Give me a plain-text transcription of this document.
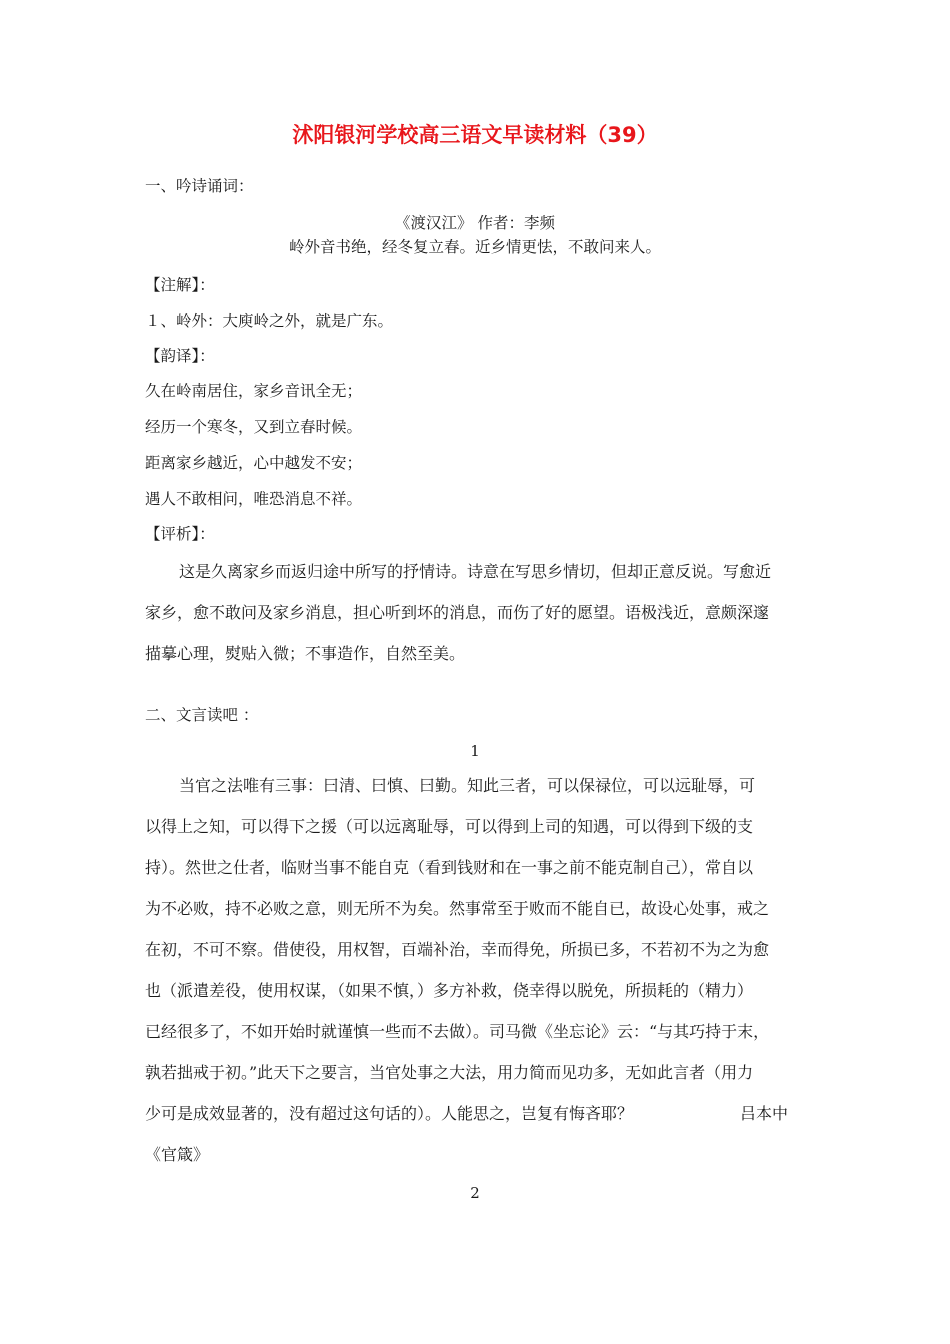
沭阳银河学校高三语文早读材料（39）
一、吟诗诵词：
《渡汉江》 作者：李频
岭外音书绝，经冬复立春。近乡情更怯，不敢问来人。
【注解】：
１、岭外：大庾岭之外，就是广东。
【韵译】：
久在岭南居住，家乡音讯全无；
经历一个寒冬，又到立春时候。
距离家乡越近，心中越发不安；
遇人不敢相问，唯恐消息不祥。
【评析】：
这是久离家乡而返归途中所写的抒情诗。诗意在写思乡情切，但却正意反说。写愈近
家乡，愈不敢问及家乡消息，担心听到坏的消息，而伤了好的愿望。语极浅近，意颇深邃
描摹心理，熨贴入微；不事造作，自然至美。
二、文言读吧 ：
1
当官之法唯有三事：曰清、曰慎、曰勤。知此三者，可以保禄位，可以远耻辱，可
以得上之知，可以得下之援（可以远离耻辱，可以得到上司的知遇，可以得到下级的支
持）。然世之仕者，临财当事不能自克（看到钱财和在一事之前不能克制自己），常自以
为不必败，持不必败之意，则无所不为矣。然事常至于败而不能自已，故设心处事，戒之
在初，不可不察。借使役，用权智，百端补治，幸而得免，所损已多，不若初不为之为愈
也（派遣差役，使用权谋，（如果不慎，）多方补救，侥幸得以脱免，所损耗的（精力）
已经很多了，不如开始时就谨慎一些而不去做）。司马微《坐忘论》云：“与其巧持于末，
孰若拙戒于初。”此天下之要言，当官处事之大法，用力简而见功多，无如此言者（用力
少可是成效显著的，没有超过这句话的）。人能思之，岂复有悔吝耶？	吕本中
《官箴》
2
